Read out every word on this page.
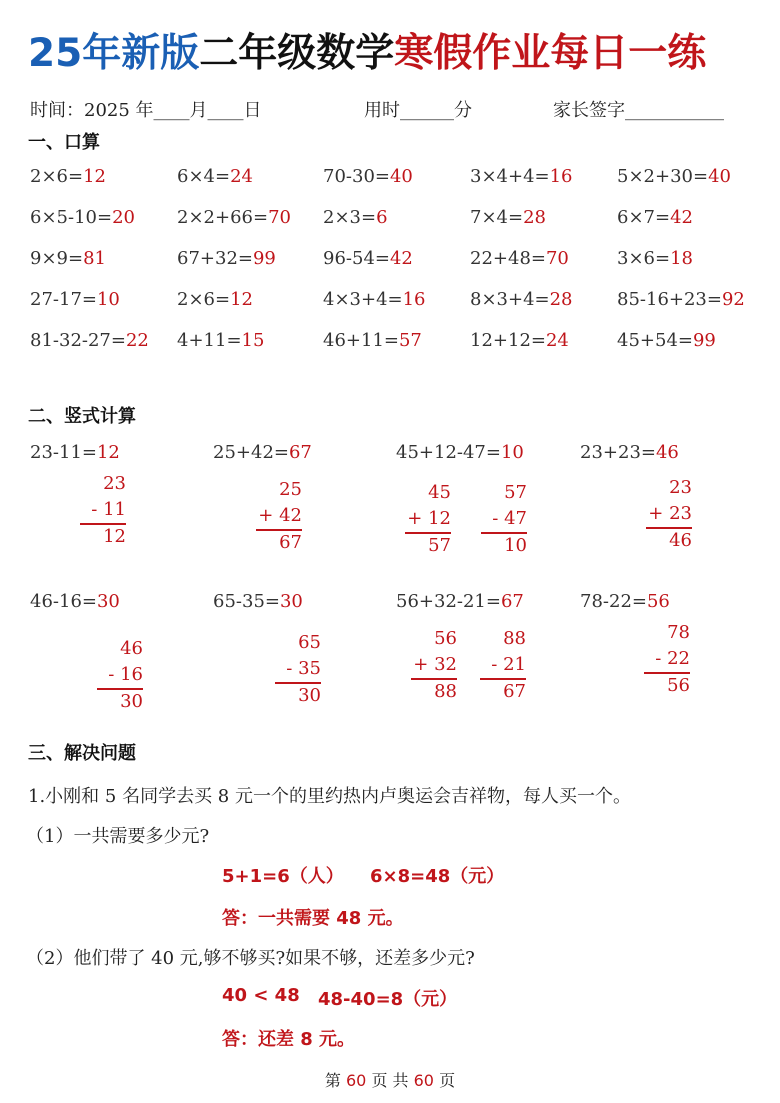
25年新版二年级数学寒假作业每日一练
时间：2025 年____月____日	用时______分	家长签字___________
一、口算
2×6=12	6×4=24	70-30=40	3×4+4=16 5×2+30=40
6×5-10=20 2×2+66=70 2×3=6	7×4=28	6×7=42
9×9=81	67+32=99	96-54=42	22+48=70	3×6=18
27-17=10	2×6=12	4×3+4=16 8×3+4=28 85-16+23=92
81-32-27=22 4+11=15	46+11=57	12+12=24	45+54=99
二、竖式计算
23-11=12
23
- 11
12
25+42=67
25
+ 42
67
45+12-47=10
45
+ 12
57
57
- 47
10
23+23=46
23
+ 23
46
46-16=30
46
- 16
30
65-35=30
65
- 35
30
56+32-21=67
56
+ 32
88
88
- 21
67
78-22=56
78
- 22
56
三、解决问题
1.小刚和 5 名同学去买 8 元一个的里约热内卢奥运会吉祥物，每人买一个。
（1）一共需要多少元?
5+1=6（人） 6×8=48（元）
答：一共需要 48 元。
（2）他们带了 40 元,够不够买?如果不够，还差多少元?
40 < 48 48-40=8（元）
答：还差 8 元。
第 60 页 共 60 页
